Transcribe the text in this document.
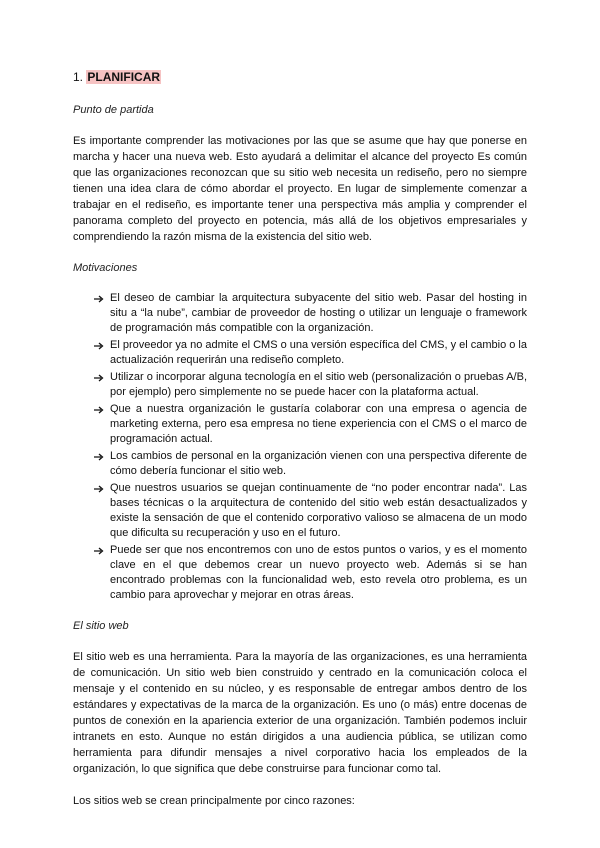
1. PLANIFICAR

Punto de partida

Es importante comprender las motivaciones por las que se asume que hay que ponerse en marcha y hacer una nueva web. Esto ayudará a delimitar el alcance del proyecto Es común que las organizaciones reconozcan que su sitio web necesita un rediseño, pero no siempre tienen una idea clara de cómo abordar el proyecto. En lugar de simplemente comenzar a trabajar en el rediseño, es importante tener una perspectiva más amplia y comprender el panorama completo del proyecto en potencia, más allá de los objetivos empresariales y comprendiendo la razón misma de la existencia del sitio web.

Motivaciones

El deseo de cambiar la arquitectura subyacente del sitio web. Pasar del hosting in situ a “la nube”, cambiar de proveedor de hosting o utilizar un lenguaje o framework de programación más compatible con la organización.
El proveedor ya no admite el CMS o una versión específica del CMS, y el cambio o la actualización requerirán una rediseño completo.
Utilizar o incorporar alguna tecnología en el sitio web (personalización o pruebas A/B, por ejemplo) pero simplemente no se puede hacer con la plataforma actual.
Que a nuestra organización le gustaría colaborar con una empresa o agencia de marketing externa, pero esa empresa no tiene experiencia con el CMS o el marco de programación actual.
Los cambios de personal en la organización vienen con una perspectiva diferente de cómo debería funcionar el sitio web.
Que nuestros usuarios se quejan continuamente de “no poder encontrar nada”. Las bases técnicas o la arquitectura de contenido del sitio web están desactualizados y existe la sensación de que el contenido corporativo valioso se almacena de un modo que dificulta su recuperación y uso en el futuro.
Puede ser que nos encontremos con uno de estos puntos o varios, y es el momento clave en el que debemos crear un nuevo proyecto web. Además si se han encontrado problemas con la funcionalidad web, esto revela otro problema, es un cambio para aprovechar y mejorar en otras áreas.

El sitio web

El sitio web es una herramienta. Para la mayoría de las organizaciones, es una herramienta de comunicación. Un sitio web bien construido y centrado en la comunicación coloca el mensaje y el contenido en su núcleo, y es responsable de entregar ambos dentro de los estándares y expectativas de la marca de la organización. Es uno (o más) entre docenas de puntos de conexión en la apariencia exterior de una organización. También podemos incluir intranets en esto. Aunque no están dirigidos a una audiencia pública, se utilizan como herramienta para difundir mensajes a nivel corporativo hacia los empleados de la organización, lo que significa que debe construirse para funcionar como tal.

Los sitios web se crean principalmente por cinco razones:
